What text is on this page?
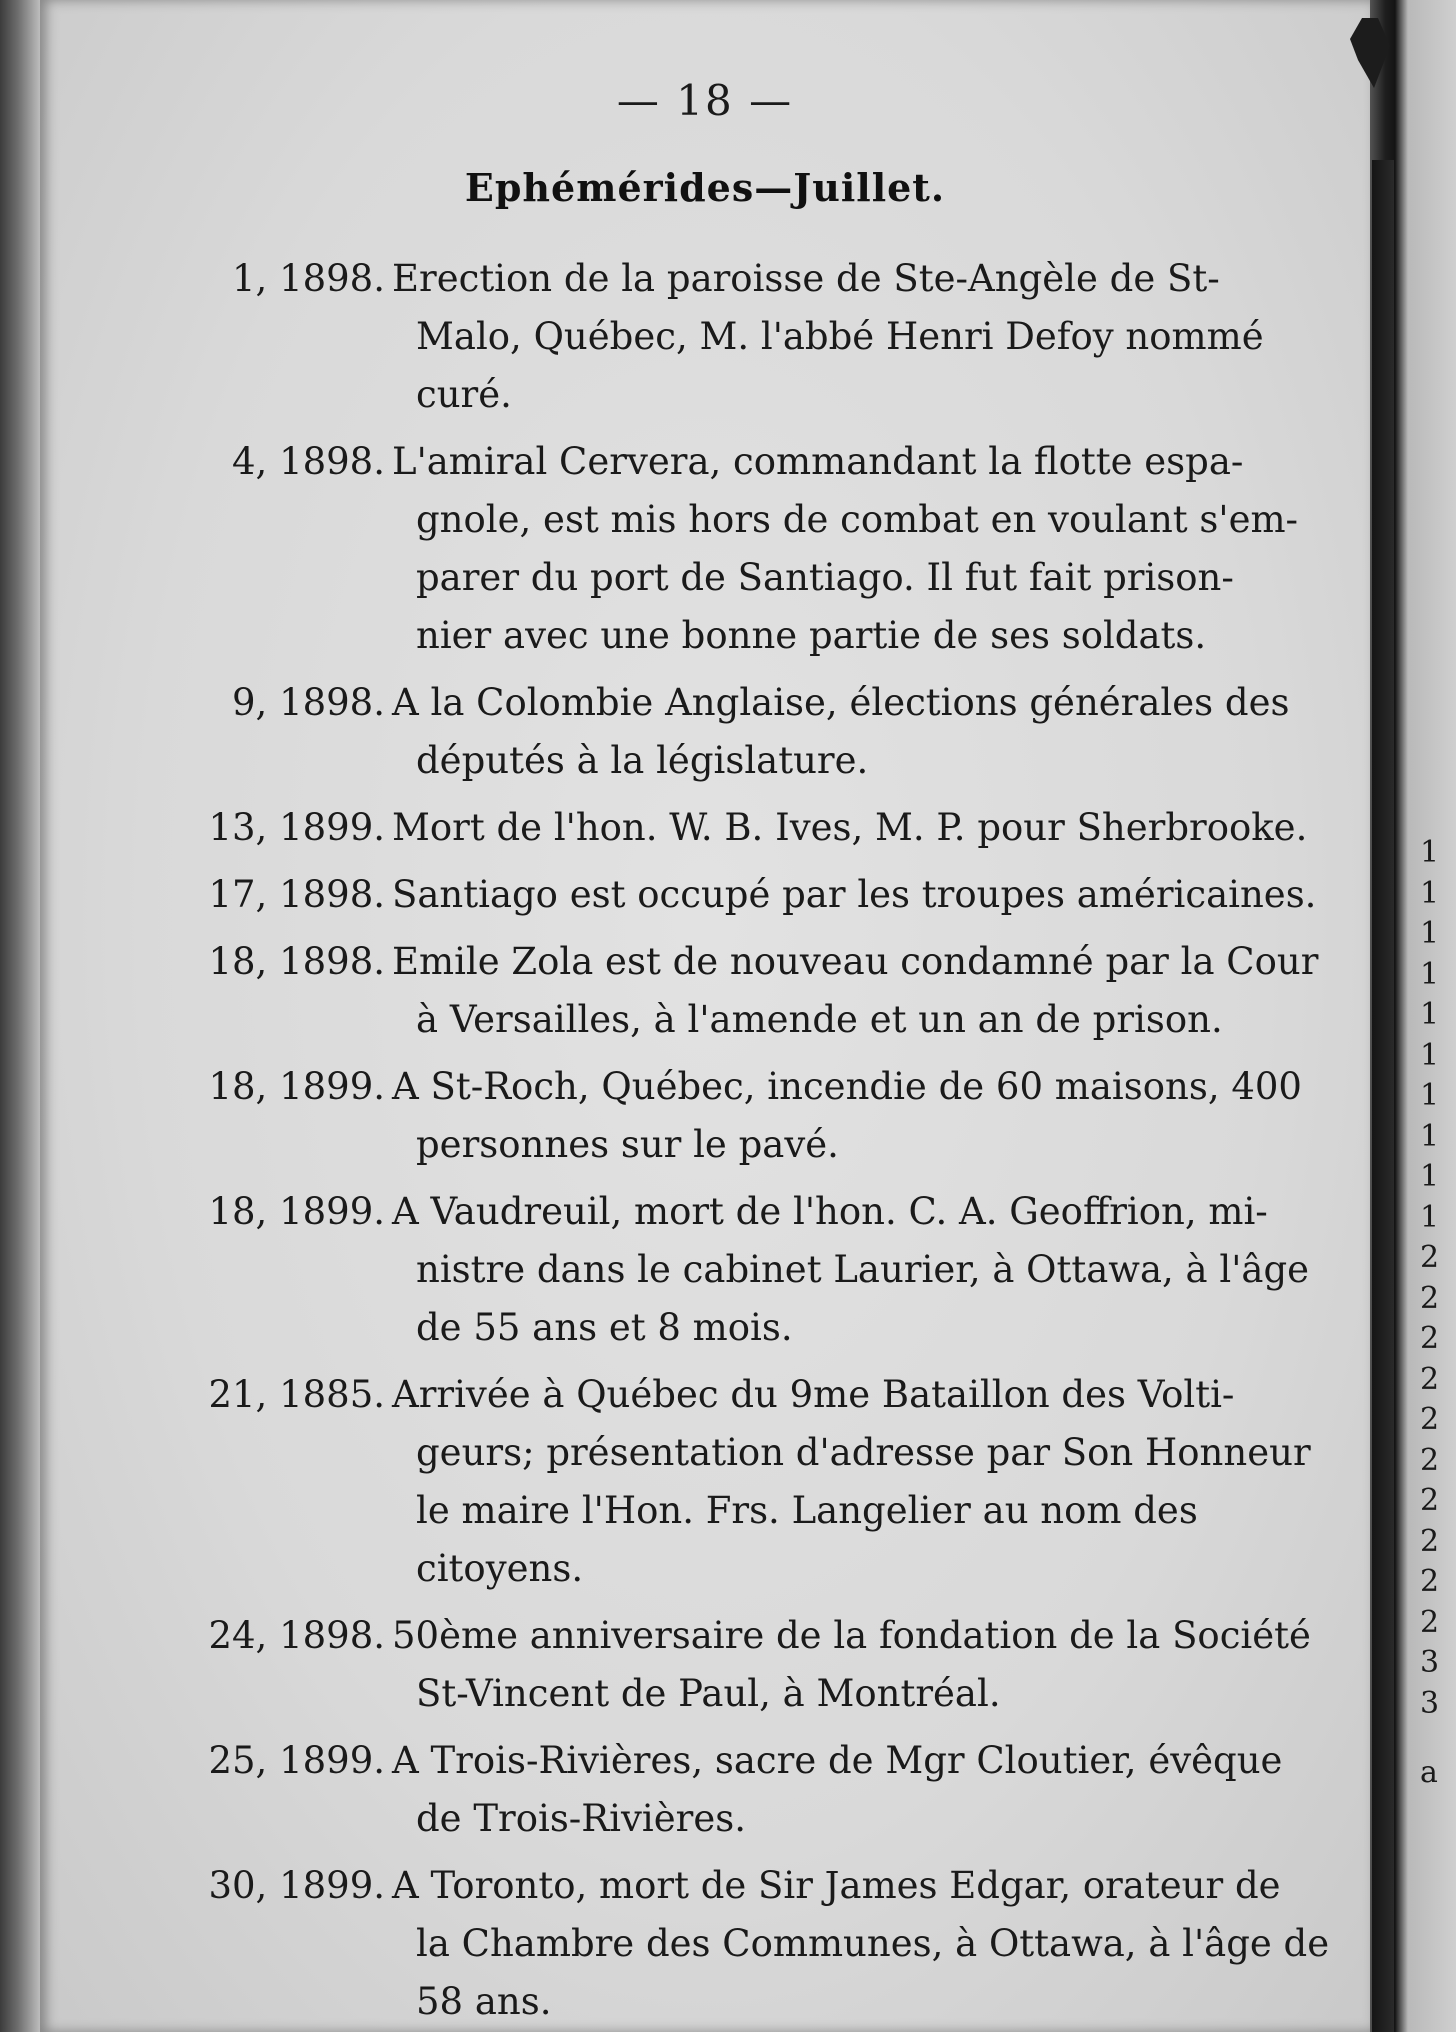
— 18 —
Ephémérides—Juillet.
1, 1898. Erection de la paroisse de Ste-Angèle de St-
Malo, Québec, M. l'abbé Henri Defoy nommé
curé.
4, 1898. L'amiral Cervera, commandant la flotte espa-
gnole, est mis hors de combat en voulant s'em-
parer du port de Santiago. Il fut fait prison-
nier avec une bonne partie de ses soldats.
9, 1898. A la Colombie Anglaise, élections générales des
députés à la législature.
13, 1899. Mort de l'hon. W. B. Ives, M. P. pour Sherbrooke.
17, 1898. Santiago est occupé par les troupes américaines.
18, 1898. Emile Zola est de nouveau condamné par la Cour
à Versailles, à l'amende et un an de prison.
18, 1899. A St-Roch, Québec, incendie de 60 maisons, 400
personnes sur le pavé.
18, 1899. A Vaudreuil, mort de l'hon. C. A. Geoffrion, mi-
nistre dans le cabinet Laurier, à Ottawa, à l'âge
de 55 ans et 8 mois.
21, 1885. Arrivée à Québec du 9me Bataillon des Volti-
geurs; présentation d'adresse par Son Honneur
le maire l'Hon. Frs. Langelier au nom des
citoyens.
24, 1898. 50ème anniversaire de la fondation de la Société
St-Vincent de Paul, à Montréal.
25, 1899. A Trois-Rivières, sacre de Mgr Cloutier, évêque
de Trois-Rivières.
30, 1899. A Toronto, mort de Sir James Edgar, orateur de
la Chambre des Communes, à Ottawa, à l'âge de
58 ans.
1
1
1
1
1
1
1
1
1
1
2
2
2
2
2
2
2
2
2
2
3
3
a
